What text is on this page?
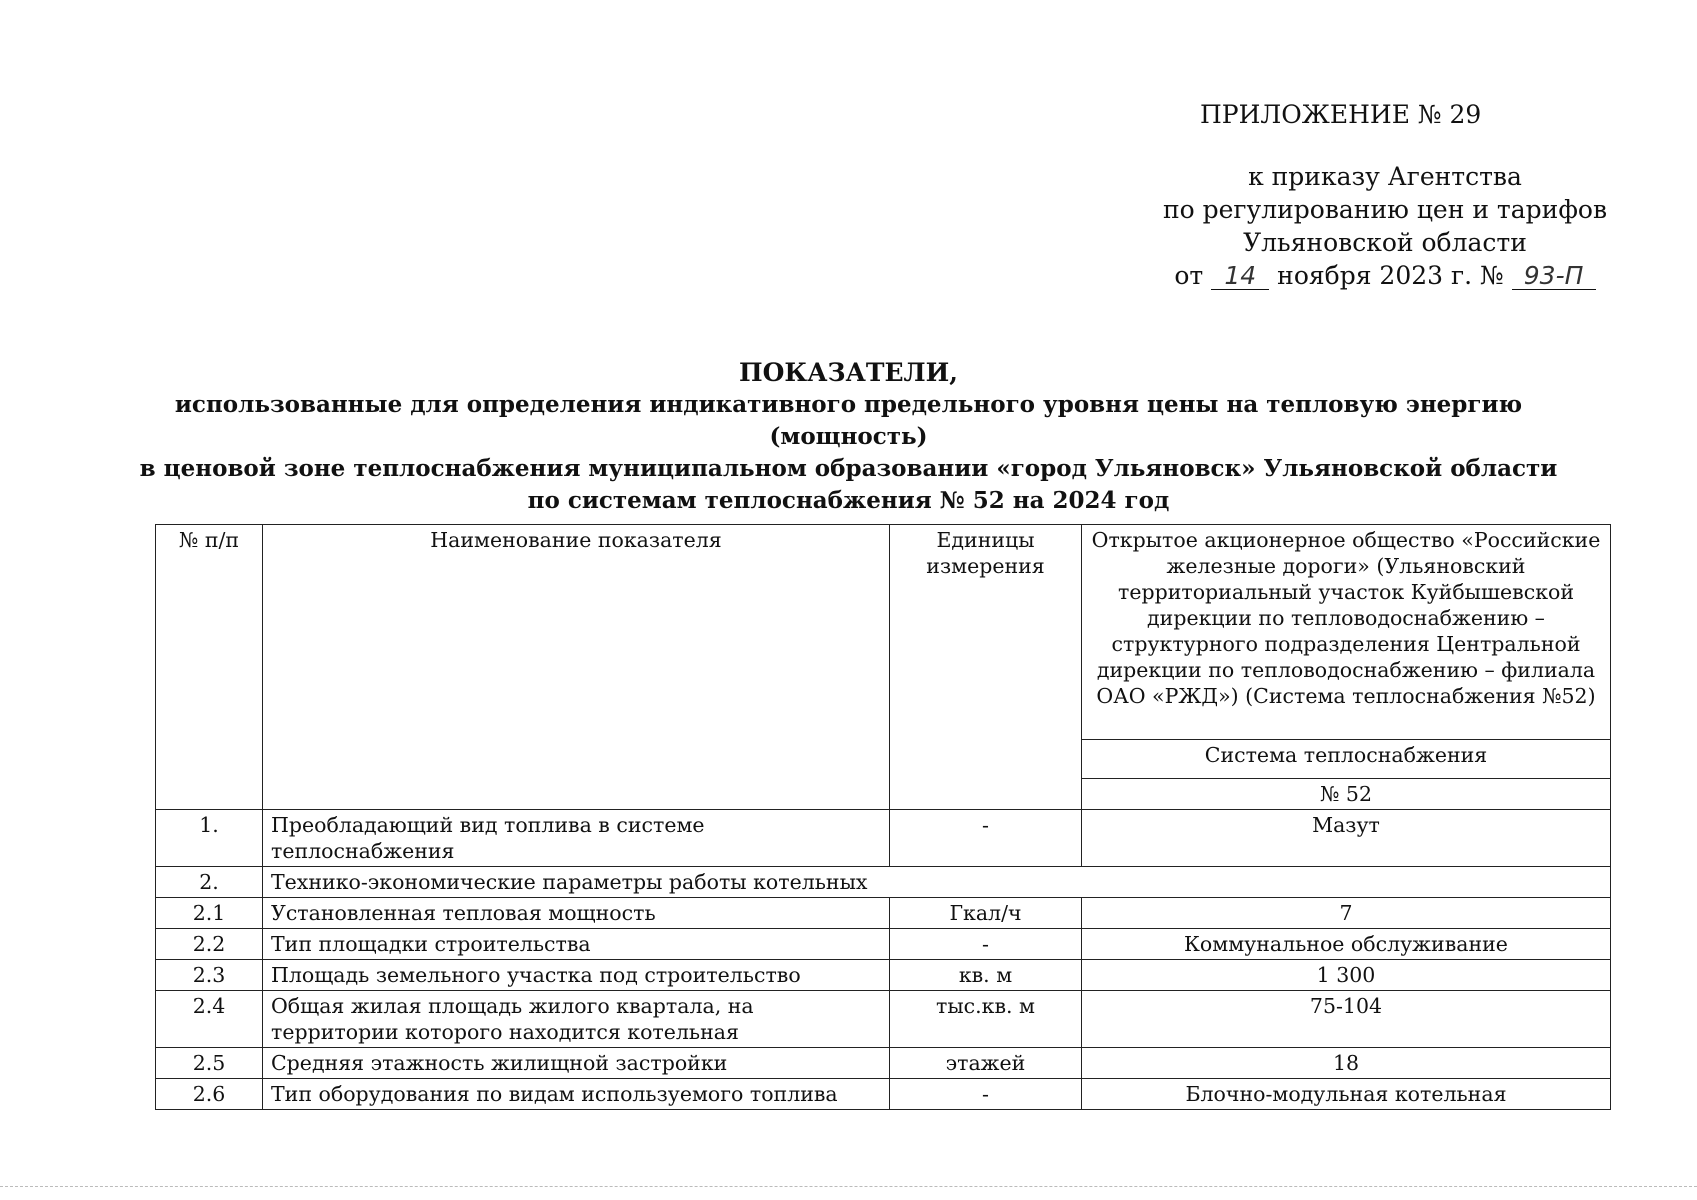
ПРИЛОЖЕНИЕ № 29
к приказу Агентства
по регулированию цен и тарифов
Ульяновской области
от 14 ноября 2023 г. № 93-П
ПОКАЗАТЕЛИ,
использованные для определения индикативного предельного уровня цены на тепловую энергию (мощность)
в ценовой зоне теплоснабжения муниципальном образовании «город Ульяновск» Ульяновской области
по системам теплоснабжения № 52 на 2024 год
№ п/п	Наименование показателя	Единицы измерения	Открытое акционерное общество «Российские железные дороги» (Ульяновский территориальный участок Куйбышевской дирекции по тепловодоснабжению – структурного подразделения Центральной дирекции по тепловодоснабжению – филиала ОАО «РЖД») (Система теплоснабжения №52)
			Система теплоснабжения
			№ 52
1.	Преобладающий вид топлива в системе теплоснабжения	-	Мазут
2.	Технико-экономические параметры работы котельных		
2.1	Установленная тепловая мощность	Гкал/ч	7
2.2	Тип площадки строительства	-	Коммунальное обслуживание
2.3	Площадь земельного участка под строительство	кв. м	1 300
2.4	Общая жилая площадь жилого квартала, на территории которого находится котельная	тыс.кв. м	75-104
2.5	Средняя этажность жилищной застройки	этажей	18
2.6	Тип оборудования по видам используемого топлива	-	Блочно-модульная котельная
